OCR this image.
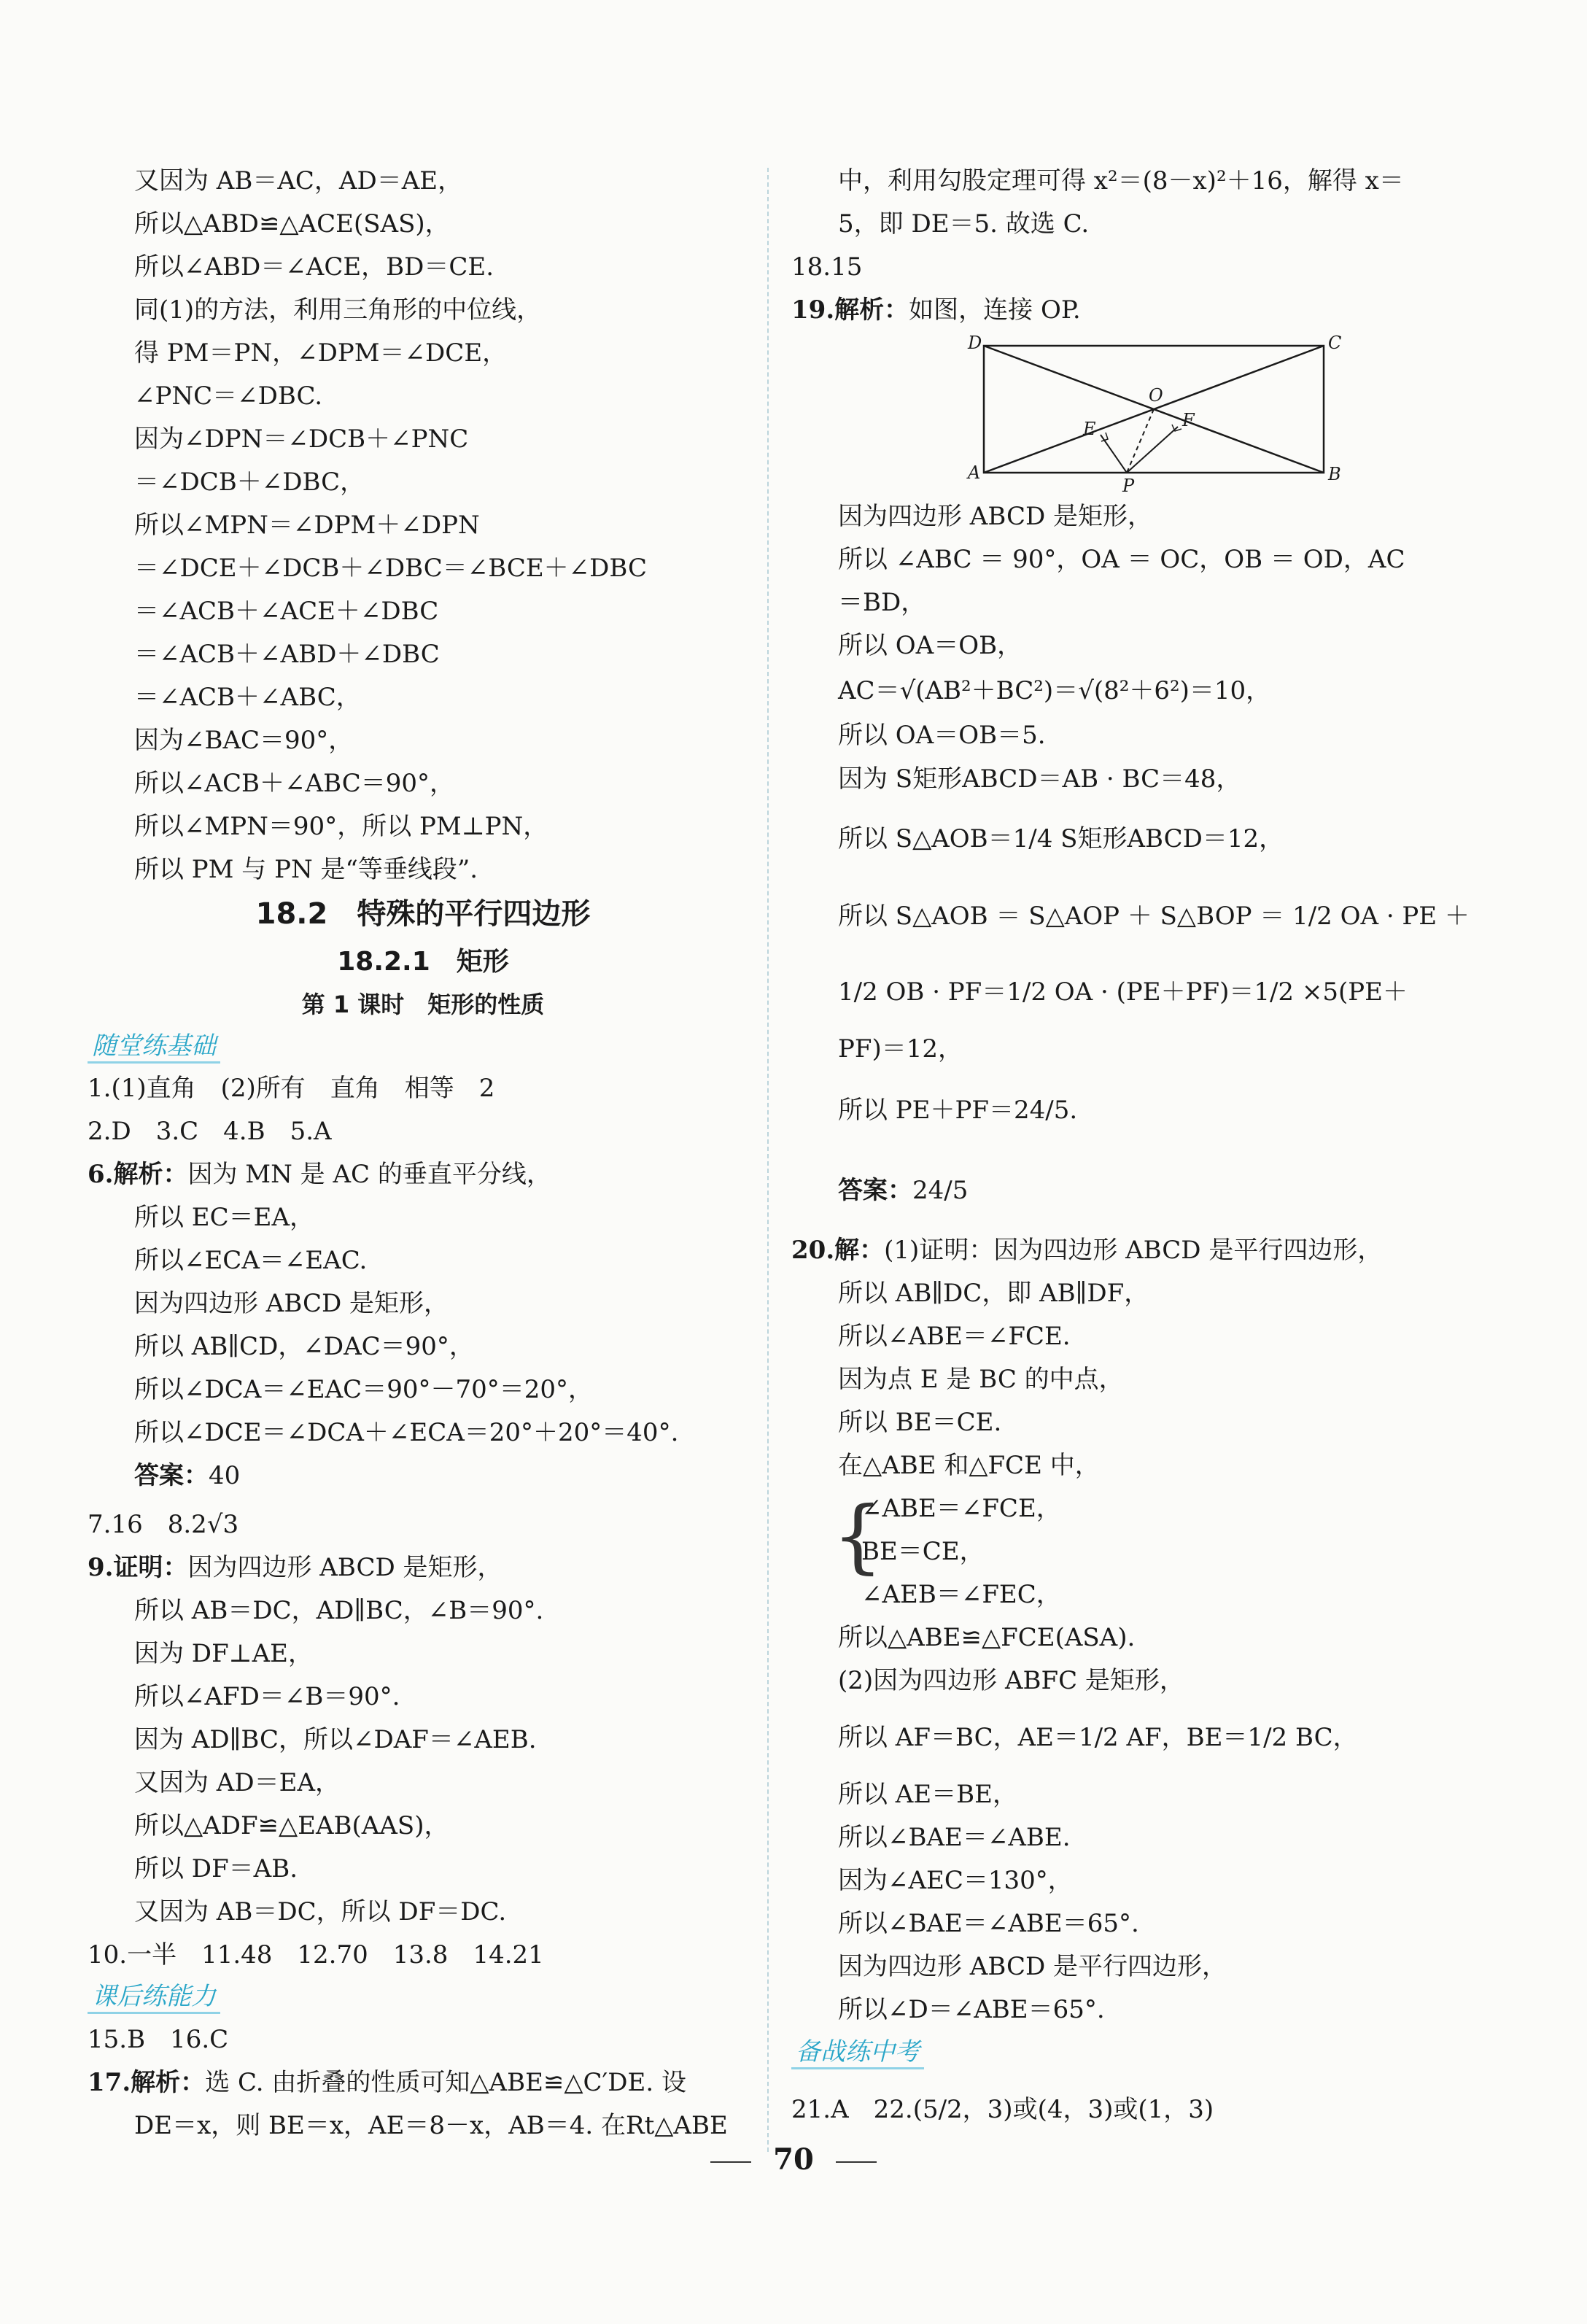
又因为 AB＝AC，AD＝AE，
所以△ABD≌△ACE(SAS)，
所以∠ABD＝∠ACE，BD＝CE.
同(1)的方法，利用三角形的中位线，
得 PM＝PN，∠DPM＝∠DCE，
∠PNC＝∠DBC.
因为∠DPN＝∠DCB＋∠PNC
＝∠DCB＋∠DBC，
所以∠MPN＝∠DPM＋∠DPN
＝∠DCE＋∠DCB＋∠DBC＝∠BCE＋∠DBC
＝∠ACB＋∠ACE＋∠DBC
＝∠ACB＋∠ABD＋∠DBC
＝∠ACB＋∠ABC，
因为∠BAC＝90°，
所以∠ACB＋∠ABC＝90°，
所以∠MPN＝90°，所以 PM⊥PN，
所以 PM 与 PN 是“等垂线段”.
18.2　特殊的平行四边形
18.2.1　矩形
第 1 课时　矩形的性质
随堂练基础
1.(1)直角　(2)所有　直角　相等　2
2.D　3.C　4.B　5.A
6.解析：因为 MN 是 AC 的垂直平分线，
所以 EC＝EA，
所以∠ECA＝∠EAC.
因为四边形 ABCD 是矩形，
所以 AB∥CD，∠DAC＝90°，
所以∠DCA＝∠EAC＝90°－70°＝20°，
所以∠DCE＝∠DCA＋∠ECA＝20°＋20°＝40°.
答案：40
7.16　8.2√3
9.证明：因为四边形 ABCD 是矩形，
所以 AB＝DC，AD∥BC，∠B＝90°.
因为 DF⊥AE，
所以∠AFD＝∠B＝90°.
因为 AD∥BC，所以∠DAF＝∠AEB.
又因为 AD＝EA，
所以△ADF≌△EAB(AAS)，
所以 DF＝AB.
又因为 AB＝DC，所以 DF＝DC.
10.一半　11.48　12.70　13.8　14.21
课后练能力
15.B　16.C
17.解析：选 C. 由折叠的性质可知△ABE≌△C′DE. 设
DE＝x，则 BE＝x，AE＝8－x，AB＝4. 在Rt△ABE
中，利用勾股定理可得 x²＝(8－x)²＋16，解得 x＝
5，即 DE＝5. 故选 C.
18.15
19.解析：如图，连接 OP.
D	C
O
F
E
A
P
B
因为四边形 ABCD 是矩形，
所以 ∠ABC ＝ 90°，OA ＝ OC，OB ＝ OD，AC
＝BD，
所以 OA＝OB，
AC＝√(AB²＋BC²)＝√(8²＋6²)＝10，
所以 OA＝OB＝5.
因为 S矩形ABCD＝AB · BC＝48，
所以 S△AOB＝1/4 S矩形ABCD＝12，
所以 S△AOB ＝ S△AOP ＋ S△BOP ＝ 1/2 OA · PE ＋
1/2 OB · PF＝1/2 OA · (PE＋PF)＝1/2 ×5(PE＋
PF)＝12，
所以 PE＋PF＝24/5.
答案：24/5
20.解：(1)证明：因为四边形 ABCD 是平行四边形，
所以 AB∥DC，即 AB∥DF，
所以∠ABE＝∠FCE.
因为点 E 是 BC 的中点，
所以 BE＝CE.
在△ABE 和△FCE 中，
{
∠ABE＝∠FCE，
BE＝CE，
∠AEB＝∠FEC，
所以△ABE≌△FCE(ASA).
(2)因为四边形 ABFC 是矩形，
所以 AF＝BC，AE＝1/2 AF，BE＝1/2 BC，
所以 AE＝BE，
所以∠BAE＝∠ABE.
因为∠AEC＝130°，
所以∠BAE＝∠ABE＝65°.
因为四边形 ABCD 是平行四边形，
所以∠D＝∠ABE＝65°.
备战练中考
21.A　22.(5/2，3)或(4，3)或(1，3)
70
